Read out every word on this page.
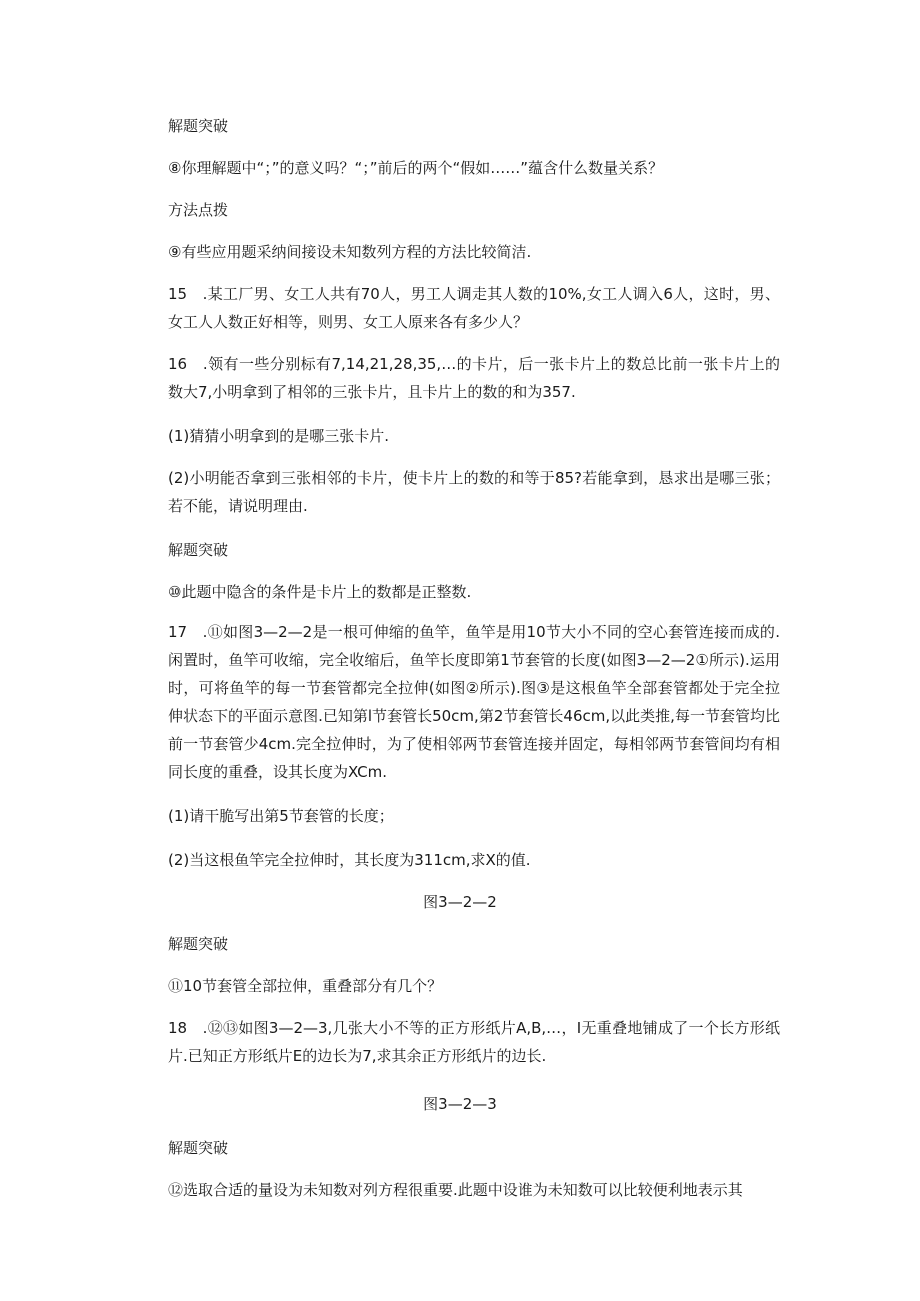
解题突破

⑧你理解题中“；”的意义吗？“；”前后的两个“假如……”蕴含什么数量关系？

方法点拨

⑨有些应用题采纳间接设未知数列方程的方法比较简洁.

15　.某工厂男、女工人共有70人，男工人调走其人数的10%,女工人调入6人，这时，男、女工人人数正好相等，则男、女工人原来各有多少人？

16　.领有一些分别标有7,14,21,28,35,…的卡片，后一张卡片上的数总比前一张卡片上的数大7,小明拿到了相邻的三张卡片，且卡片上的数的和为357.

(1)猜猜小明拿到的是哪三张卡片.

(2)小明能否拿到三张相邻的卡片，使卡片上的数的和等于85?若能拿到，恳求出是哪三张；若不能，请说明理由.

解题突破

⑩此题中隐含的条件是卡片上的数都是正整数.

17　.⑪如图3—2—2是一根可伸缩的鱼竿，鱼竿是用10节大小不同的空心套管连接而成的.闲置时，鱼竿可收缩，完全收缩后，鱼竿长度即第1节套管的长度(如图3—2—2①所示).运用时，可将鱼竿的每一节套管都完全拉伸(如图②所示).图③是这根鱼竿全部套管都处于完全拉伸状态下的平面示意图.已知第l节套管长50cm,第2节套管长46cm,以此类推,每一节套管均比前一节套管少4cm.完全拉伸时，为了使相邻两节套管连接并固定，每相邻两节套管间均有相同长度的重叠，设其长度为XCm.

(1)请干脆写出第5节套管的长度；

(2)当这根鱼竿完全拉伸时，其长度为311cm,求X的值.

图3—2—2

解题突破

⑪10节套管全部拉伸，重叠部分有几个？

18　.⑫⑬如图3—2—3,几张大小不等的正方形纸片A,B,…，I无重叠地铺成了一个长方形纸片.已知正方形纸片E的边长为7,求其余正方形纸片的边长.

图3—2—3

解题突破

⑫选取合适的量设为未知数对列方程很重要.此题中设谁为未知数可以比较便利地表示其
